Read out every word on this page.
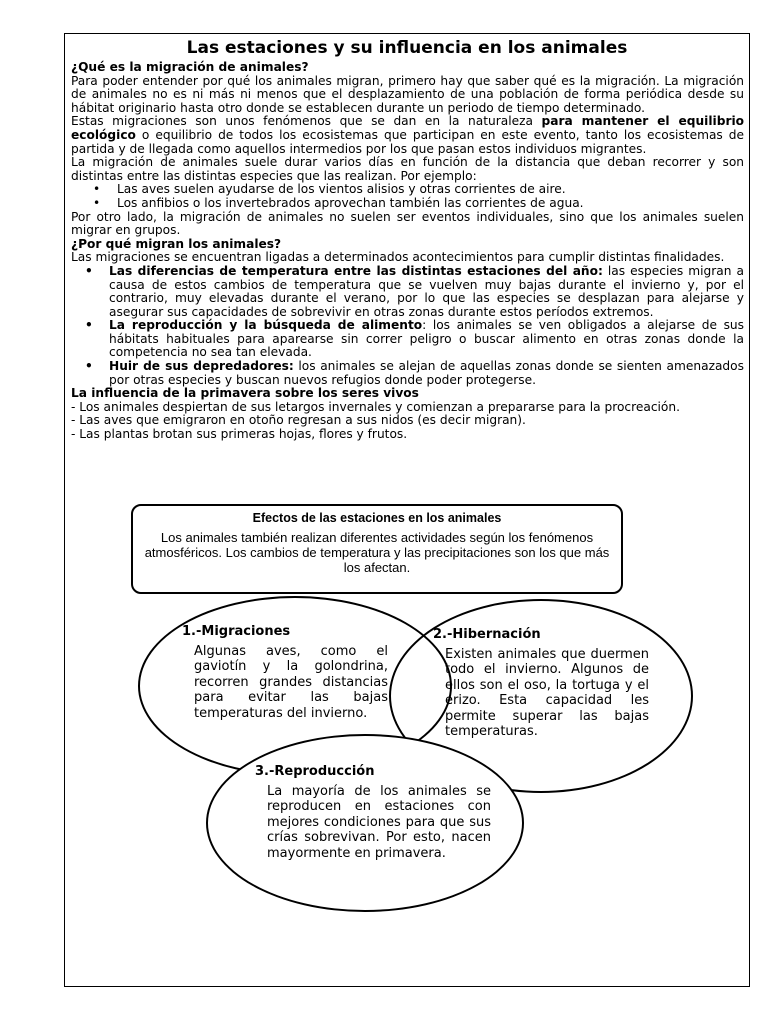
Las estaciones y su influencia en los animales
¿Qué es la migración de animales?

Para poder entender por qué los animales migran, primero hay que saber qué es la migración. La migración de animales no es ni más ni menos que el desplazamiento de una población de forma periódica desde su hábitat originario hasta otro donde se establecen durante un periodo de tiempo determinado.

Estas migraciones son unos fenómenos que se dan en la naturaleza para mantener el equilibrio ecológico o equilibrio de todos los ecosistemas que participan en este evento, tanto los ecosistemas de partida y de llegada como aquellos intermedios por los que pasan estos individuos migrantes.

La migración de animales suele durar varios días en función de la distancia que deban recorrer y son distintas entre las distintas especies que las realizan. Por ejemplo:

• Las aves suelen ayudarse de los vientos alisios y otras corrientes de aire.
• Los anfibios o los invertebrados aprovechan también las corrientes de agua.

Por otro lado, la migración de animales no suelen ser eventos individuales, sino que los animales suelen migrar en grupos.

¿Por qué migran los animales?

Las migraciones se encuentran ligadas a determinados acontecimientos para cumplir distintas finalidades.

• Las diferencias de temperatura entre las distintas estaciones del año: las especies migran a causa de estos cambios de temperatura que se vuelven muy bajas durante el invierno y, por el contrario, muy elevadas durante el verano, por lo que las especies se desplazan para alejarse y asegurar sus capacidades de sobrevivir en otras zonas durante estos períodos extremos.
• La reproducción y la búsqueda de alimento: los animales se ven obligados a alejarse de sus hábitats habituales para aparearse sin correr peligro o buscar alimento en otras zonas donde la competencia no sea tan elevada.
• Huir de sus depredadores: los animales se alejan de aquellas zonas donde se sienten amenazados por otras especies y buscan nuevos refugios donde poder protegerse.
La influencia de la primavera sobre los seres vivos

- Los animales despiertan de sus letargos invernales y comienzan a prepararse para la procreación.

- Las aves que emigraron en otoño regresan a sus nidos (es decir migran).

- Las plantas brotan sus primeras hojas, flores y frutos.

Efectos de las estaciones en los animales
Los animales también realizan diferentes actividades según los fenómenos atmosféricos. Los cambios de temperatura y las precipitaciones son los que más los afectan.
1.-Migraciones
Algunas aves, como el gaviotín y la golondrina, recorren grandes distancias para evitar las bajas temperaturas del invierno.
2.-Hibernación
Existen animales que duermen todo el invierno. Algunos de ellos son el oso, la tortuga y el erizo. Esta capacidad les permite superar las bajas temperaturas.
3.-Reproducción
La mayoría de los animales se reproducen en estaciones con mejores condiciones para que sus crías sobrevivan. Por esto, nacen mayormente en primavera.
